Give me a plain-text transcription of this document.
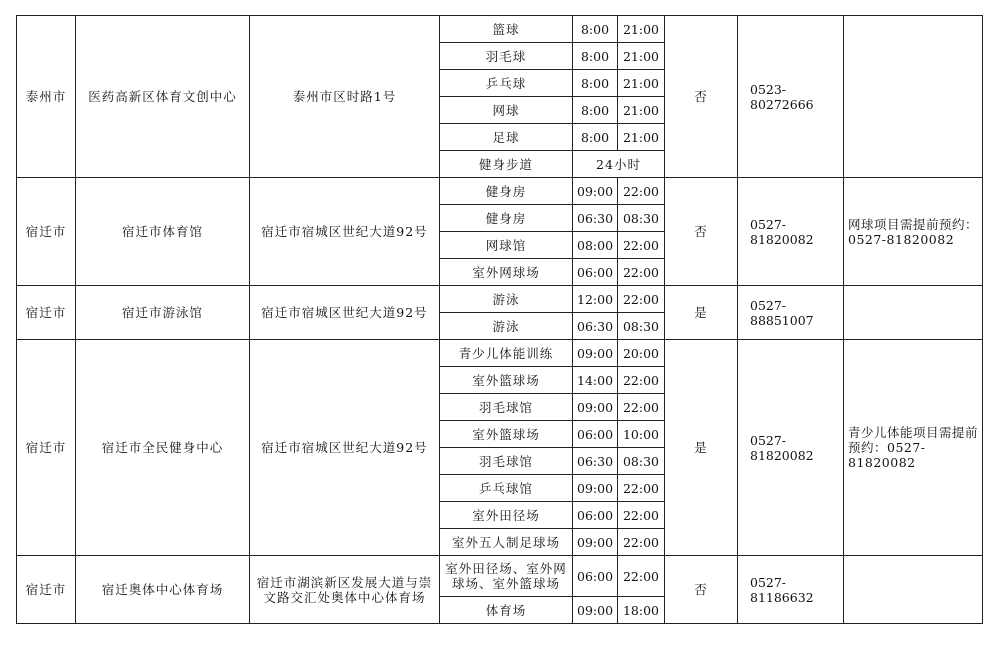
泰州市	医药高新区体育文创中心	泰州市区时路1号	篮球	8:00	21:00	否	0523-80272666	
			羽毛球	8:00	21:00			
			乒乓球	8:00	21:00			
			网球	8:00	21:00			
			足球	8:00	21:00			
			健身步道	24小时				
宿迁市	宿迁市体育馆	宿迁市宿城区世纪大道92号	健身房	09:00	22:00	否	0527-81820082	网球项目需提前预约：0527-81820082
			健身房	06:30	08:30			
			网球馆	08:00	22:00			
			室外网球场	06:00	22:00			
宿迁市	宿迁市游泳馆	宿迁市宿城区世纪大道92号	游泳	12:00	22:00	是	0527-88851007	
			游泳	06:30	08:30			
宿迁市	宿迁市全民健身中心	宿迁市宿城区世纪大道92号	青少儿体能训练	09:00	20:00	是	0527-81820082	青少儿体能项目需提前预约：0527-81820082
			室外篮球场	14:00	22:00			
			羽毛球馆	09:00	22:00			
			室外篮球场	06:00	10:00			
			羽毛球馆	06:30	08:30			
			乒乓球馆	09:00	22:00			
			室外田径场	06:00	22:00			
			室外五人制足球场	09:00	22:00			
宿迁市	宿迁奥体中心体育场	宿迁市湖滨新区发展大道与崇文路交汇处奥体中心体育场	室外田径场、室外网球场、室外篮球场	06:00	22:00	否	0527-81186632	
			体育场	09:00	18:00			
